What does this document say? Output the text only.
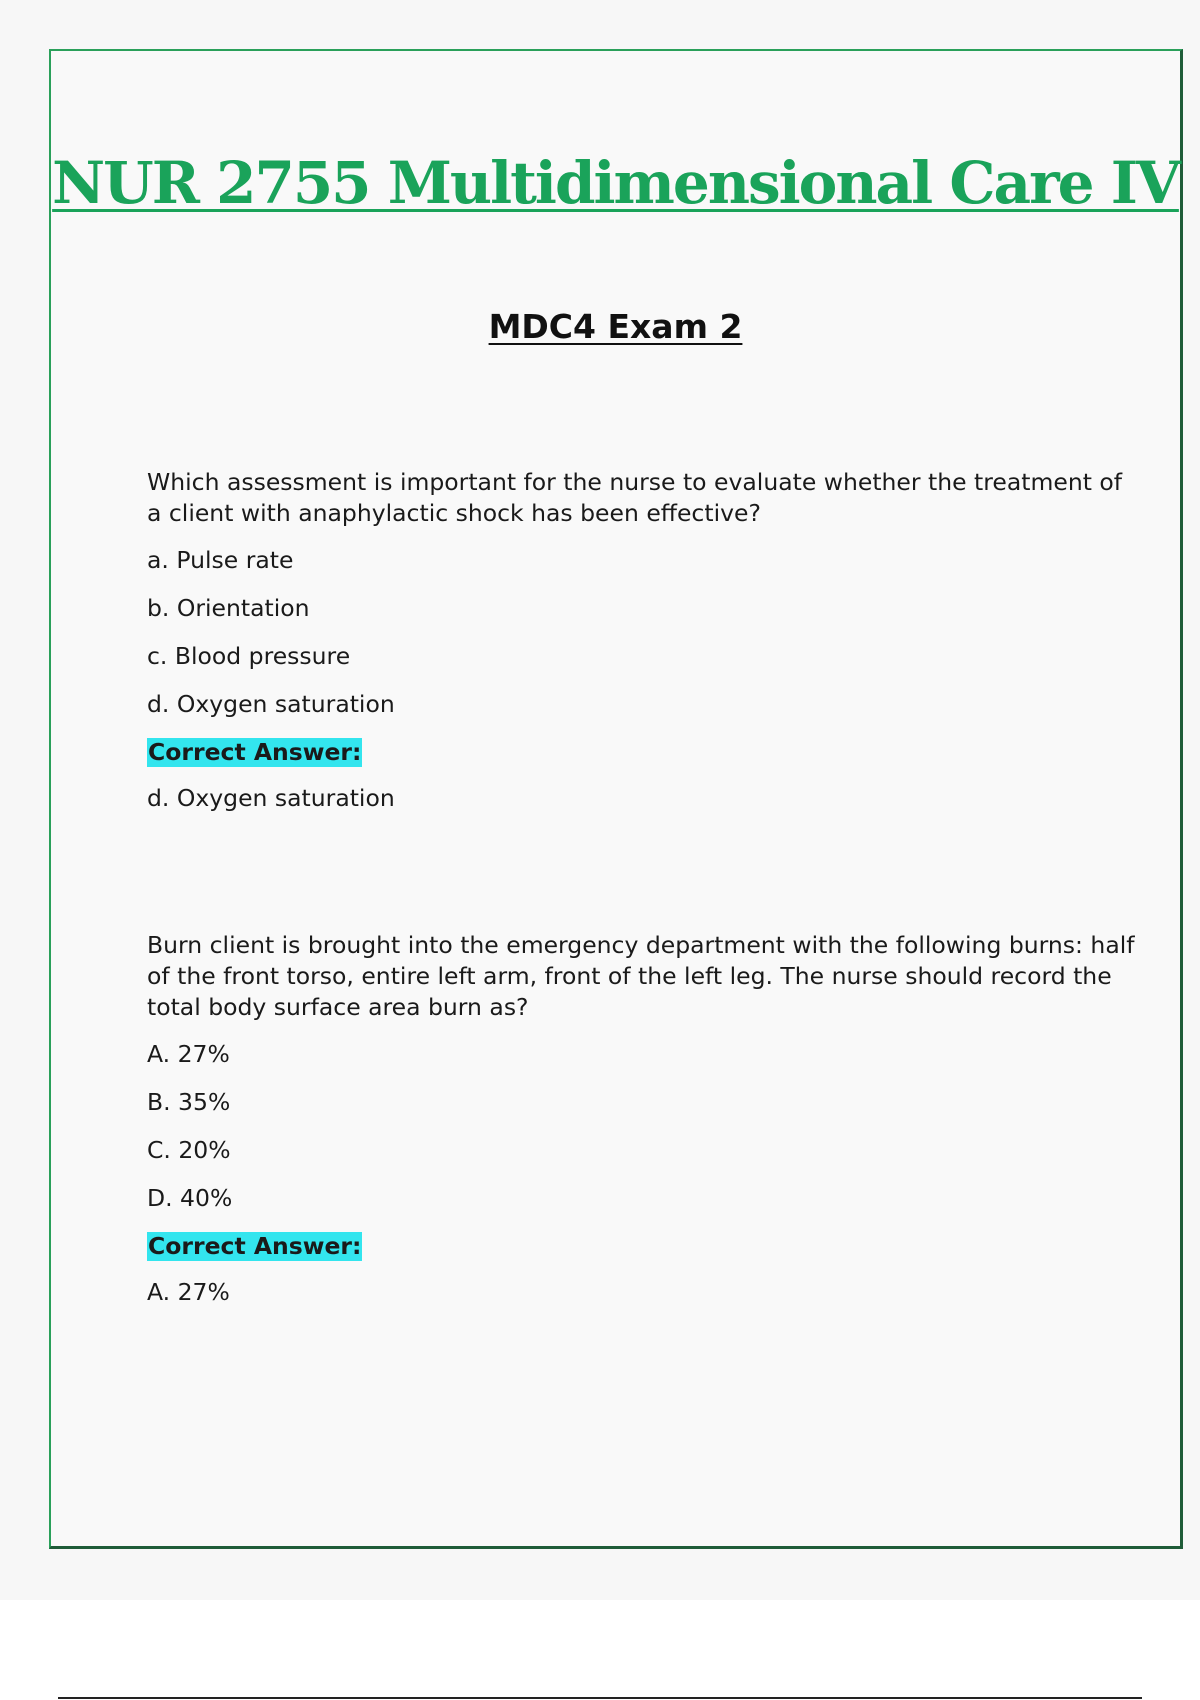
NUR 2755 Multidimensional Care IV
MDC4 Exam 2

Which assessment is important for the nurse to evaluate whether the treatment of a client with anaphylactic shock has been effective?

a. Pulse rate

b. Orientation

c. Blood pressure

d. Oxygen saturation

Correct Answer:

d. Oxygen saturation

Burn client is brought into the emergency department with the following burns: half of the front torso, entire left arm, front of the left leg. The nurse should record the total body surface area burn as?

A. 27%

B. 35%

C. 20%

D. 40%

Correct Answer:

A. 27%
